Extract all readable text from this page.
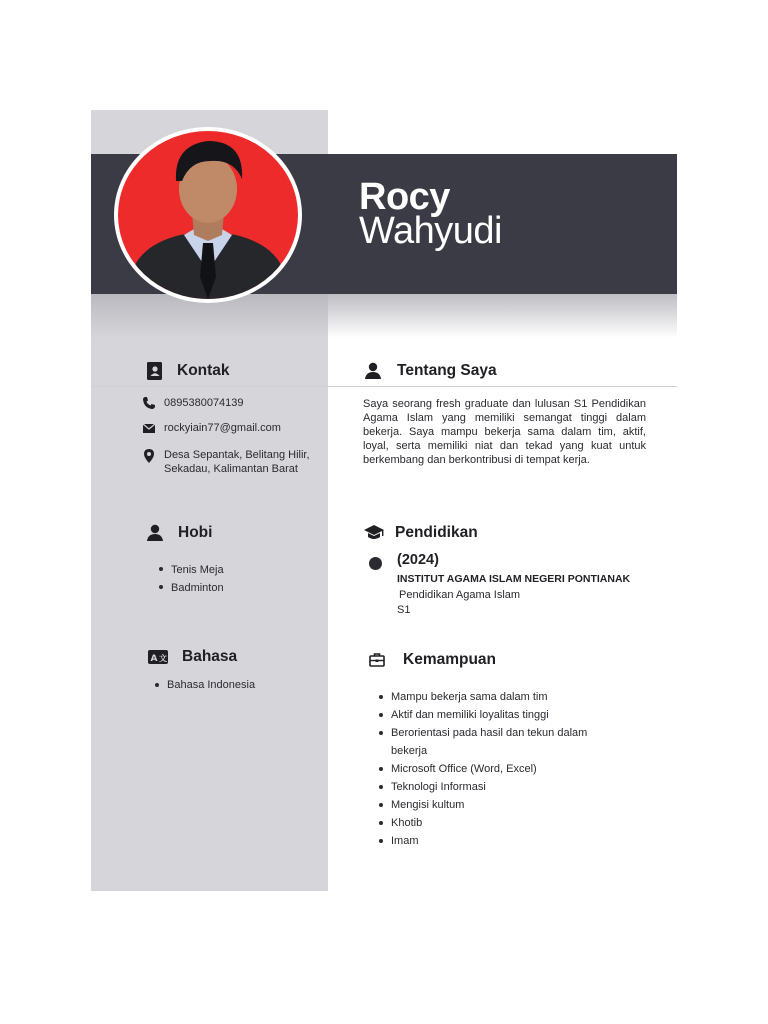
Rocy
Wahyudi
Kontak
0895380074139
rockyiain77@gmail.com
Desa Sepantak, Belitang Hilir, Sekadau, Kalimantan Barat
Hobi
Tenis Meja
Badminton
A 文 Bahasa
Bahasa Indonesia
Tentang Saya
Saya seorang fresh graduate dan lulusan S1 Pendidikan Agama Islam yang memiliki semangat tinggi dalam bekerja. Saya mampu bekerja sama dalam tim, aktif, loyal, serta memiliki niat dan tekad yang kuat untuk berkembang dan berkontribusi di tempat kerja.
Pendidikan
(2024)
INSTITUT AGAMA ISLAM NEGERI PONTIANAK
Pendidikan Agama Islam
S1
Kemampuan
Mampu bekerja sama dalam tim
Aktif dan memiliki loyalitas tinggi
Berorientasi pada hasil dan tekun dalam bekerja
Microsoft Office (Word, Excel)
Teknologi Informasi
Mengisi kultum
Khotib
Imam
